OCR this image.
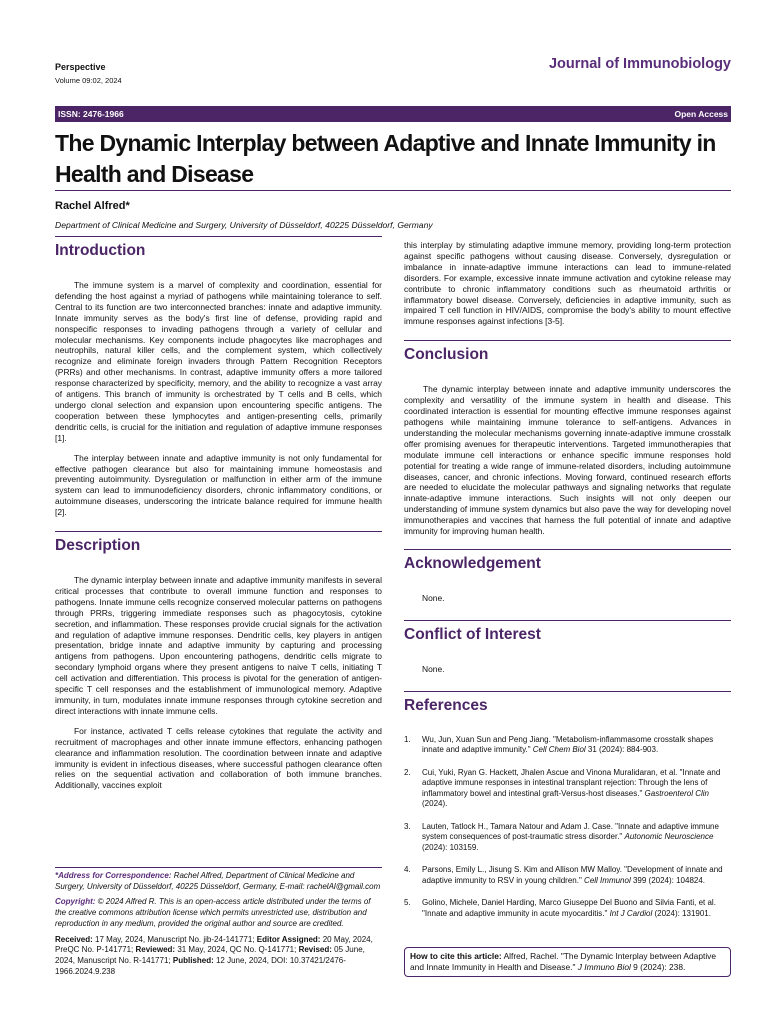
Perspective
Volume 09:02, 2024
Journal of Immunobiology
ISSN: 2476-1966	Open Access
The Dynamic Interplay between Adaptive and Innate Immunity in Health and Disease
Rachel Alfred*
Department of Clinical Medicine and Surgery, University of Düsseldorf, 40225 Düsseldorf, Germany
Introduction

The immune system is a marvel of complexity and coordination, essential for defending the host against a myriad of pathogens while maintaining tolerance to self. Central to its function are two interconnected branches: innate and adaptive immunity. Innate immunity serves as the body's first line of defense, providing rapid and nonspecific responses to invading pathogens through a variety of cellular and molecular mechanisms. Key components include phagocytes like macrophages and neutrophils, natural killer cells, and the complement system, which collectively recognize and eliminate foreign invaders through Pattern Recognition Receptors (PRRs) and other mechanisms. In contrast, adaptive immunity offers a more tailored response characterized by specificity, memory, and the ability to recognize a vast array of antigens. This branch of immunity is orchestrated by T cells and B cells, which undergo clonal selection and expansion upon encountering specific antigens. The cooperation between these lymphocytes and antigen-presenting cells, primarily dendritic cells, is crucial for the initiation and regulation of adaptive immune responses [1].

The interplay between innate and adaptive immunity is not only fundamental for effective pathogen clearance but also for maintaining immune homeostasis and preventing autoimmunity. Dysregulation or malfunction in either arm of the immune system can lead to immunodeficiency disorders, chronic inflammatory conditions, or autoimmune diseases, underscoring the intricate balance required for immune health [2].

Description

The dynamic interplay between innate and adaptive immunity manifests in several critical processes that contribute to overall immune function and responses to pathogens. Innate immune cells recognize conserved molecular patterns on pathogens through PRRs, triggering immediate responses such as phagocytosis, cytokine secretion, and inflammation. These responses provide crucial signals for the activation and regulation of adaptive immune responses. Dendritic cells, key players in antigen presentation, bridge innate and adaptive immunity by capturing and processing antigens from pathogens. Upon encountering pathogens, dendritic cells migrate to secondary lymphoid organs where they present antigens to naive T cells, initiating T cell activation and differentiation. This process is pivotal for the generation of antigen-specific T cell responses and the establishment of immunological memory. Adaptive immunity, in turn, modulates innate immune responses through cytokine secretion and direct interactions with innate immune cells.

For instance, activated T cells release cytokines that regulate the activity and recruitment of macrophages and other innate immune effectors, enhancing pathogen clearance and inflammation resolution. The coordination between innate and adaptive immunity is evident in infectious diseases, where successful pathogen clearance often relies on the sequential activation and collaboration of both immune branches. Additionally, vaccines exploit

this interplay by stimulating adaptive immune memory, providing long-term protection against specific pathogens without causing disease. Conversely, dysregulation or imbalance in innate-adaptive immune interactions can lead to immune-related disorders. For example, excessive innate immune activation and cytokine release may contribute to chronic inflammatory conditions such as rheumatoid arthritis or inflammatory bowel disease. Conversely, deficiencies in adaptive immunity, such as impaired T cell function in HIV/AIDS, compromise the body's ability to mount effective immune responses against infections [3-5].

Conclusion

The dynamic interplay between innate and adaptive immunity underscores the complexity and versatility of the immune system in health and disease. This coordinated interaction is essential for mounting effective immune responses against pathogens while maintaining immune tolerance to self-antigens. Advances in understanding the molecular mechanisms governing innate-adaptive immune crosstalk offer promising avenues for therapeutic interventions. Targeted immunotherapies that modulate immune cell interactions or enhance specific immune responses hold potential for treating a wide range of immune-related disorders, including autoimmune diseases, cancer, and chronic infections. Moving forward, continued research efforts are needed to elucidate the molecular pathways and signaling networks that regulate innate-adaptive immune interactions. Such insights will not only deepen our understanding of immune system dynamics but also pave the way for developing novel immunotherapies and vaccines that harness the full potential of innate and adaptive immunity for improving human health.

Acknowledgement

None.

Conflict of Interest

None.

References
1.	Wu, Jun, Xuan Sun and Peng Jiang. "Metabolism-inflammasome crosstalk shapes innate and adaptive immunity." Cell Chem Biol 31 (2024): 884-903.
2.	Cui, Yuki, Ryan G. Hackett, Jhalen Ascue and Vinona Muralidaran, et al. "Innate and adaptive immune responses in intestinal transplant rejection: Through the lens of inflammatory bowel and intestinal graft-Versus-host diseases." Gastroenterol Clin (2024).
3.	Lauten, Tatlock H., Tamara Natour and Adam J. Case. "Innate and adaptive immune system consequences of post-traumatic stress disorder." Autonomic Neuroscience (2024): 103159.
4.	Parsons, Emily L., Jisung S. Kim and Allison MW Malloy. "Development of innate and adaptive immunity to RSV in young children." Cell Immunol 399 (2024): 104824.
5.	Golino, Michele, Daniel Harding, Marco Giuseppe Del Buono and Silvia Fanti, et al. "Innate and adaptive immunity in acute myocarditis." Int J Cardiol (2024): 131901.
*Address for Correspondence: Rachel Alfred, Department of Clinical Medicine and Surgery, University of Düsseldorf, 40225 Düsseldorf, Germany, E-mail: rachelAl@gmail.com
Copyright: © 2024 Alfred R. This is an open-access article distributed under the terms of the creative commons attribution license which permits unrestricted use, distribution and reproduction in any medium, provided the original author and source are credited.
Received: 17 May, 2024, Manuscript No. jib-24-141771; Editor Assigned: 20 May, 2024, PreQC No. P-141771; Reviewed: 31 May, 2024, QC No. Q-141771; Revised: 05 June, 2024, Manuscript No. R-141771; Published: 12 June, 2024, DOI: 10.37421/2476-1966.2024.9.238
How to cite this article: Alfred, Rachel. "The Dynamic Interplay between Adaptive and Innate Immunity in Health and Disease." J Immuno Biol 9 (2024): 238.
